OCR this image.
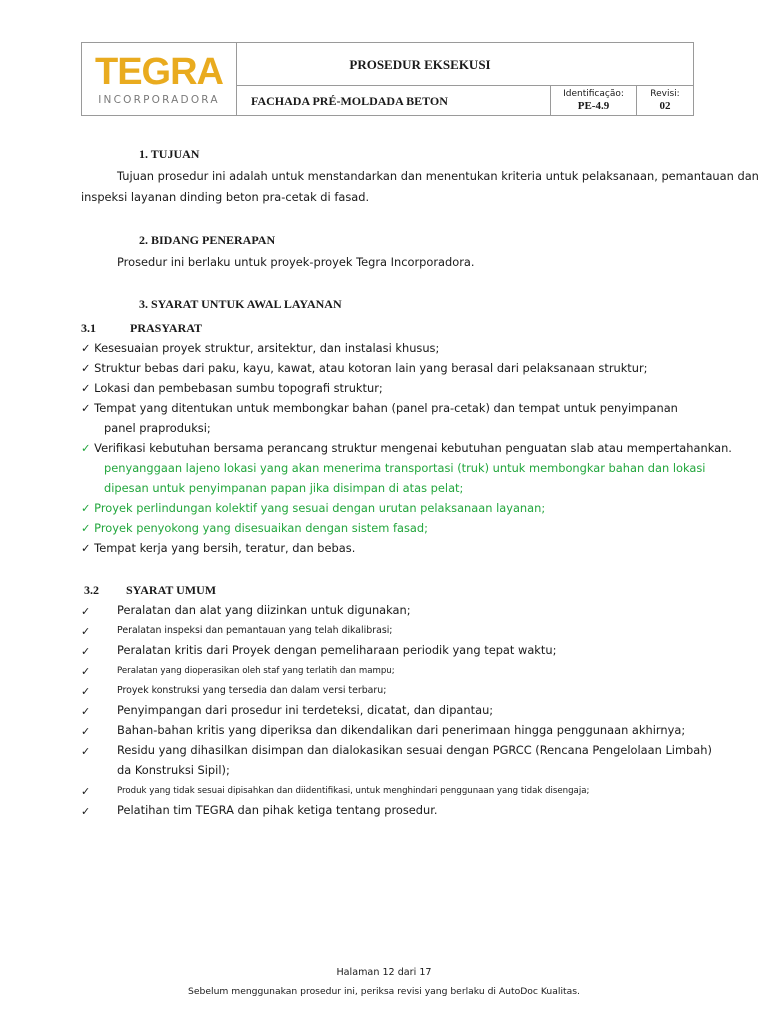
TEGRA
INCORPORADORA
PROSEDUR EKSEKUSI
FACHADA PRÉ-MOLDADA BETON	Identificação:
PE-4.9
Revisi:
02
1. TUJUAN
Tujuan prosedur ini adalah untuk menstandarkan dan menentukan kriteria untuk pelaksanaan, pemantauan dan
inspeksi layanan dinding beton pra-cetak di fasad.
2. BIDANG PENERAPAN
Prosedur ini berlaku untuk proyek-proyek Tegra Incorporadora.
3. SYARAT UNTUK AWAL LAYANAN
3.1	PRASYARAT
✓ Kesesuaian proyek struktur, arsitektur, dan instalasi khusus;
✓ Struktur bebas dari paku, kayu, kawat, atau kotoran lain yang berasal dari pelaksanaan struktur;
✓ Lokasi dan pembebasan sumbu topografi struktur;
✓ Tempat yang ditentukan untuk membongkar bahan (panel pra-cetak) dan tempat untuk penyimpanan
panel praproduksi;
✓ Verifikasi kebutuhan bersama perancang struktur mengenai kebutuhan penguatan slab atau mempertahankan.
penyanggaan lajeno lokasi yang akan menerima transportasi (truk) untuk membongkar bahan dan lokasi
dipesan untuk penyimpanan papan jika disimpan di atas pelat;
✓ Proyek perlindungan kolektif yang sesuai dengan urutan pelaksanaan layanan;
✓ Proyek penyokong yang disesuaikan dengan sistem fasad;
✓ Tempat kerja yang bersih, teratur, dan bebas.
3.2 SYARAT UMUM
✓ Peralatan dan alat yang diizinkan untuk digunakan;
✓	Peralatan inspeksi dan pemantauan yang telah dikalibrasi;
✓ Peralatan kritis dari Proyek dengan pemeliharaan periodik yang tepat waktu;
✓	Peralatan yang dioperasikan oleh staf yang terlatih dan mampu;
✓	Proyek konstruksi yang tersedia dan dalam versi terbaru;
✓ Penyimpangan dari prosedur ini terdeteksi, dicatat, dan dipantau;
✓ Bahan-bahan kritis yang diperiksa dan dikendalikan dari penerimaan hingga penggunaan akhirnya;
✓ Residu yang dihasilkan disimpan dan dialokasikan sesuai dengan PGRCC (Rencana Pengelolaan Limbah)
da Konstruksi Sipil);
✓	Produk yang tidak sesuai dipisahkan dan diidentifikasi, untuk menghindari penggunaan yang tidak disengaja;
✓ Pelatihan tim TEGRA dan pihak ketiga tentang prosedur.
Halaman 12 dari 17
Sebelum menggunakan prosedur ini, periksa revisi yang berlaku di AutoDoc Kualitas.
